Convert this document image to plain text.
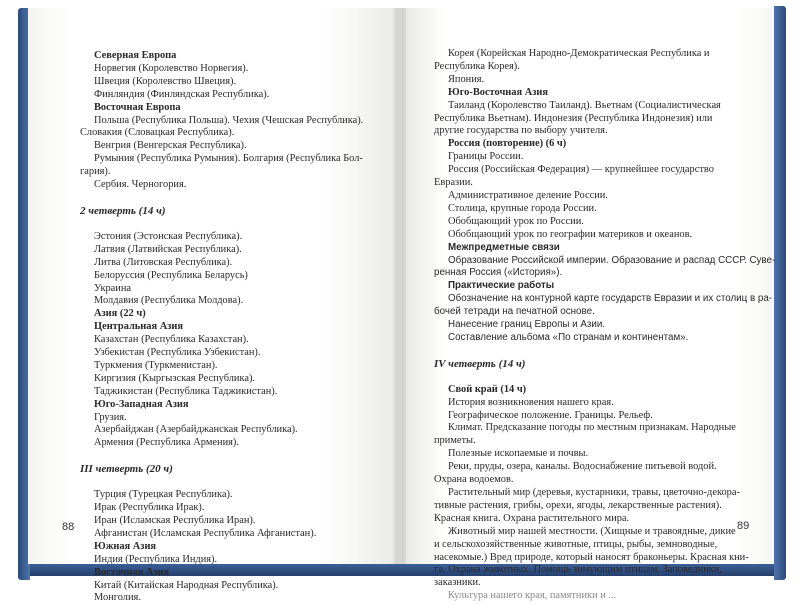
Северная Европа
Норвегия (Королевство Норвегия).
Швеция (Королевство Швеция).
Финляндия (Финляндская Республика).
Восточная Европа
Польша (Республика Польша). Чехия (Чешская Республика).
Словакия (Словацкая Республика).
Венгрия (Венгерская Республика).
Румыния (Республика Румыния). Болгария (Республика Бол-
гария).
Сербия. Черногория.
2 четверть (14 ч)
Эстония (Эстонская Республика).
Латвия (Латвийская Республика).
Литва (Литовская Республика).
Белоруссия (Республика Беларусь)
Украина
Молдавия (Республика Молдова).
Азия (22 ч)
Центральная Азия
Казахстан (Республика Казахстан).
Узбекистан (Республика Узбекистан).
Туркмения (Туркменистан).
Киргизия (Кыргызская Республика).
Таджикистан (Республика Таджикистан).
Юго-Западная Азия
Грузия.
Азербайджан (Азербайджанская Республика).
Армения (Республика Армения).
III четверть (20 ч)
Турция (Турецкая Республика).
Ирак (Республика Ирак).
Иран (Исламская Республика Иран).
Афганистан (Исламская Республика Афганистан).
Южная Азия
Индия (Республика Индия).
Восточная Азия
Китай (Китайская Народная Республика).
Монголия.
88
Корея (Корейская Народно-Демократическая Республика и
Республика Корея).
Япония.
Юго-Восточная Азия
Таиланд (Королевство Таиланд). Вьетнам (Социалистическая
Республика Вьетнам). Индонезия (Республика Индонезия) или
другие государства по выбору учителя.
Россия (повторение) (6 ч)
Границы России.
Россия (Российская Федерация) — крупнейшее государство
Евразии.
Административное деление России.
Столица, крупные города России.
Обобщающий урок по России.
Обобщающий урок по географии материков и океанов.
Межпредметные связи
Образование Российской империи. Образование и распад СССР. Суве-
ренная Россия («История»).
Практические работы
Обозначение на контурной карте государств Евразии и их столиц в ра-
бочей тетради на печатной основе.
Нанесение границ Европы и Азии.
Составление альбома «По странам и континентам».
IV четверть (14 ч)
Свой край (14 ч)
История возникновения нашего края.
Географическое положение. Границы. Рельеф.
Климат. Предсказание погоды по местным признакам. Народные
приметы.
Полезные ископаемые и почвы.
Реки, пруды, озера, каналы. Водоснабжение питьевой водой.
Охрана водоемов.
Растительный мир (деревья, кустарники, травы, цветочно-декора-
тивные растения, грибы, орехи, ягоды, лекарственные растения).
Красная книга. Охрана растительного мира.
Животный мир нашей местности. (Хищные и травоядные, дикие
и сельскохозяйственные животные, птицы, рыбы, земноводные,
насекомые.) Вред природе, который наносят браконьеры. Красная кни-
га. Охрана животных. Помощь зимующим птицам. Заповедники,
заказники.
Культура нашего края, памятники и ...
89
